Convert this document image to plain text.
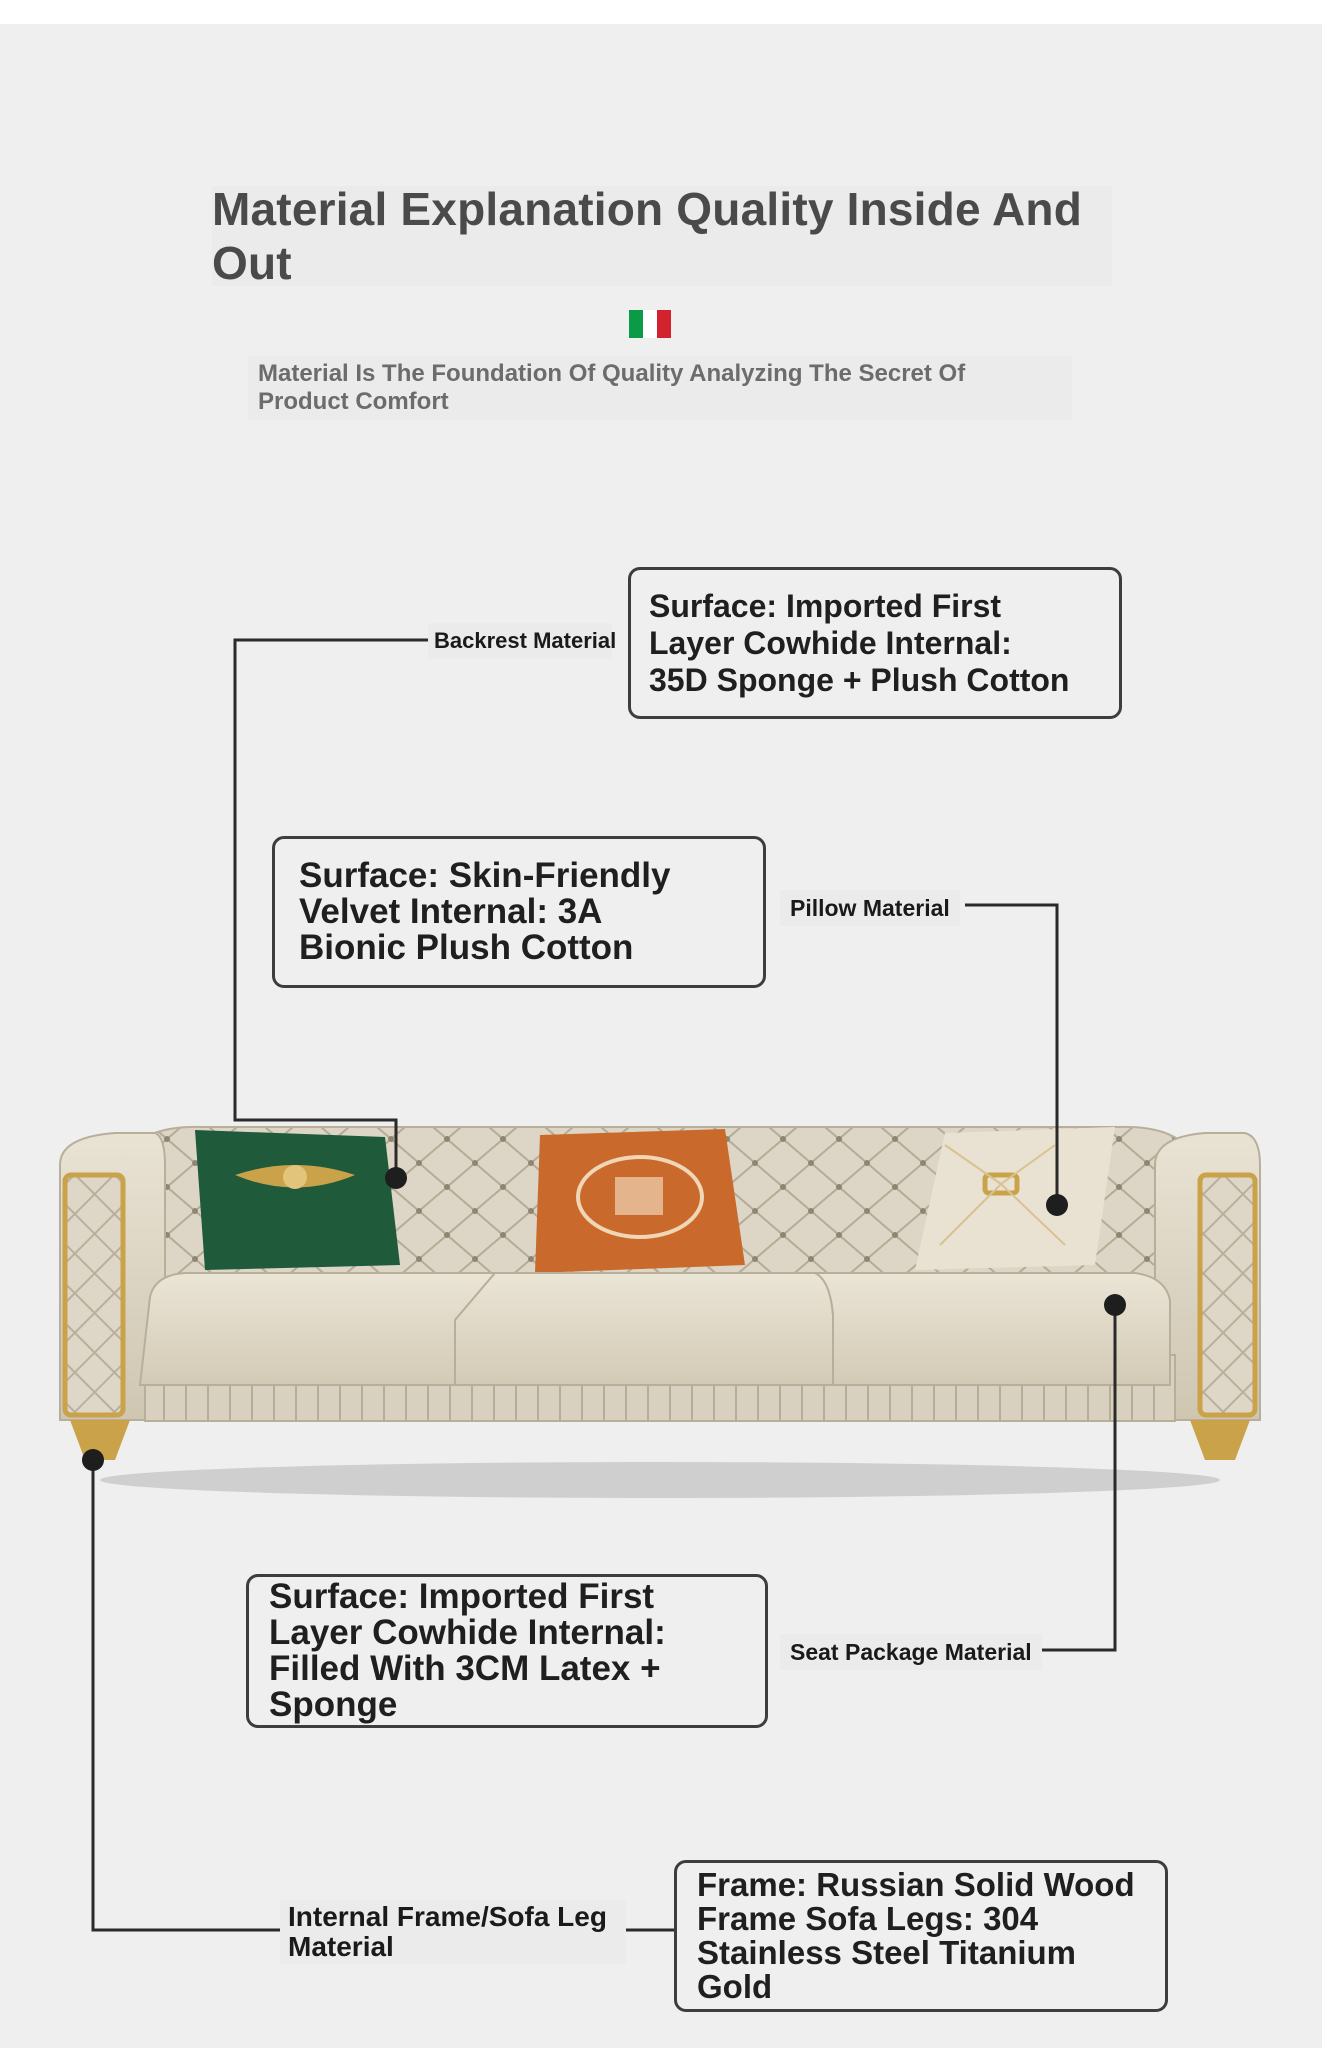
Material Explanation Quality Inside And Out
Material Is The Foundation Of Quality Analyzing The Secret Of
Product Comfort
Backrest Material
Surface: Imported First
Layer Cowhide Internal:
35D Sponge + Plush Cotton
Surface: Skin-Friendly
Velvet Internal: 3A
Bionic Plush Cotton
Pillow Material
Surface: Imported First
Layer Cowhide Internal:
Filled With 3CM Latex +
Sponge
Seat Package Material
Internal Frame/Sofa Leg
Material
Frame: Russian Solid Wood
Frame Sofa Legs: 304
Stainless Steel Titanium Gold
